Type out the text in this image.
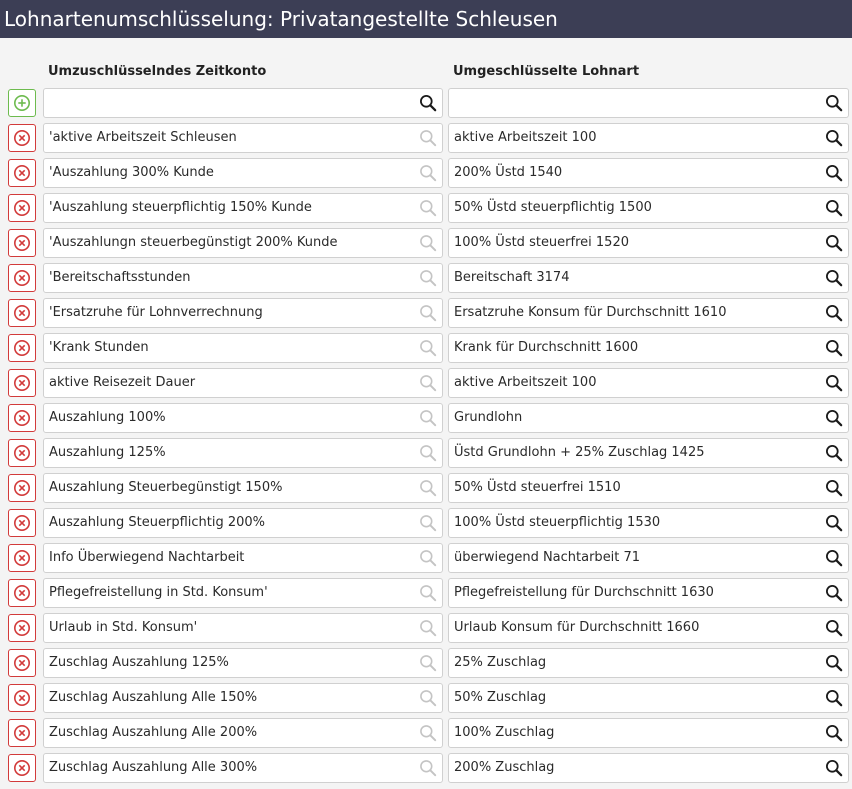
Lohnartenumschlüsselung: Privatangestellte Schleusen
Umzuschlüsselndes Zeitkonto	Umgeschlüsselte Lohnart
'aktive Arbeitszeit Schleusen	aktive Arbeitszeit 100
'Auszahlung 300% Kunde	200% Üstd 1540
'Auszahlung steuerpflichtig 150% Kunde	50% Üstd steuerpflichtig 1500
'Auszahlungn steuerbegünstigt 200% Kunde	100% Üstd steuerfrei 1520
'Bereitschaftsstunden	Bereitschaft 3174
'Ersatzruhe für Lohnverrechnung	Ersatzruhe Konsum für Durchschnitt 1610
'Krank Stunden	Krank für Durchschnitt 1600
aktive Reisezeit Dauer	aktive Arbeitszeit 100
Auszahlung 100%	Grundlohn
Auszahlung 125%	Üstd Grundlohn + 25% Zuschlag 1425
Auszahlung Steuerbegünstigt 150%	50% Üstd steuerfrei 1510
Auszahlung Steuerpflichtig 200%	100% Üstd steuerpflichtig 1530
Info Überwiegend Nachtarbeit	überwiegend Nachtarbeit 71
Pflegefreistellung in Std. Konsum'	Pflegefreistellung für Durchschnitt 1630
Urlaub in Std. Konsum'	Urlaub Konsum für Durchschnitt 1660
Zuschlag Auszahlung 125%	25% Zuschlag
Zuschlag Auszahlung Alle 150%	50% Zuschlag
Zuschlag Auszahlung Alle 200%	100% Zuschlag
Zuschlag Auszahlung Alle 300%	200% Zuschlag
